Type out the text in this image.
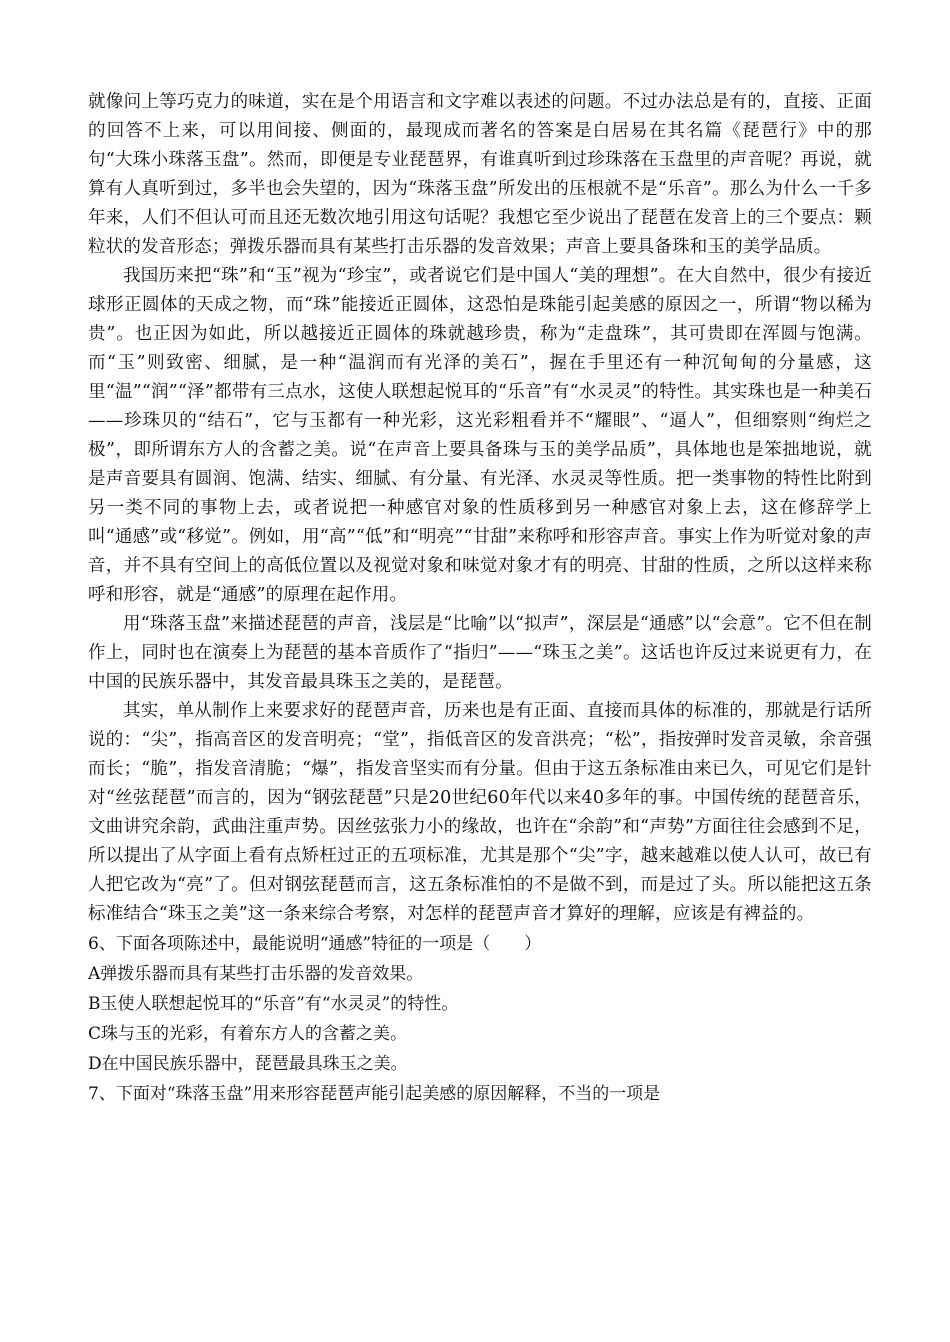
就像问上等巧克力的味道，实在是个用语言和文字难以表述的问题。不过办法总是有的，直接、正面的回答不上来，可以用间接、侧面的，最现成而著名的答案是白居易在其名篇《琵琶行》中的那句“大珠小珠落玉盘”。然而，即便是专业琵琶界，有谁真听到过珍珠落在玉盘里的声音呢？再说，就算有人真听到过，多半也会失望的，因为“珠落玉盘”所发出的压根就不是“乐音”。那么为什么一千多年来，人们不但认可而且还无数次地引用这句话呢？我想它至少说出了琵琶在发音上的三个要点：颗粒状的发音形态；弹拨乐器而具有某些打击乐器的发音效果；声音上要具备珠和玉的美学品质。

我国历来把“珠”和“玉”视为“珍宝”，或者说它们是中国人“美的理想”。在大自然中，很少有接近球形正圆体的天成之物，而“珠”能接近正圆体，这恐怕是珠能引起美感的原因之一，所谓“物以稀为贵”。也正因为如此，所以越接近正圆体的珠就越珍贵，称为“走盘珠”，其可贵即在浑圆与饱满。而“玉”则致密、细腻，是一种“温润而有光泽的美石”，握在手里还有一种沉甸甸的分量感，这里“温”“润”“泽”都带有三点水，这使人联想起悦耳的“乐音”有“水灵灵”的特性。其实珠也是一种美石——珍珠贝的“结石”，它与玉都有一种光彩，这光彩粗看并不“耀眼”、“逼人”，但细察则“绚烂之极”，即所谓东方人的含蓄之美。说“在声音上要具备珠与玉的美学品质”，具体地也是笨拙地说，就是声音要具有圆润、饱满、结实、细腻、有分量、有光泽、水灵灵等性质。把一类事物的特性比附到另一类不同的事物上去，或者说把一种感官对象的性质移到另一种感官对象上去，这在修辞学上叫“通感”或“移觉”。例如，用“高”“低”和“明亮”“甘甜”来称呼和形容声音。事实上作为听觉对象的声音，并不具有空间上的高低位置以及视觉对象和味觉对象才有的明亮、甘甜的性质，之所以这样来称呼和形容，就是“通感”的原理在起作用。

用“珠落玉盘”来描述琵琶的声音，浅层是“比喻”以“拟声”，深层是“通感”以“会意”。它不但在制作上，同时也在演奏上为琵琶的基本音质作了“指归”——“珠玉之美”。这话也许反过来说更有力，在中国的民族乐器中，其发音最具珠玉之美的，是琵琶。

其实，单从制作上来要求好的琵琶声音，历来也是有正面、直接而具体的标准的，那就是行话所说的：“尖”，指高音区的发音明亮；“堂”，指低音区的发音洪亮；“松”，指按弹时发音灵敏，余音强而长；“脆”，指发音清脆；“爆”，指发音坚实而有分量。但由于这五条标准由来已久，可见它们是针对“丝弦琵琶”而言的，因为“钢弦琵琶”只是20世纪60年代以来40多年的事。中国传统的琵琶音乐，文曲讲究余韵，武曲注重声势。因丝弦张力小的缘故，也许在“余韵”和“声势”方面往往会感到不足，所以提出了从字面上看有点矫枉过正的五项标准，尤其是那个“尖”字，越来越难以使人认可，故已有人把它改为“亮”了。但对钢弦琵琶而言，这五条标准怕的不是做不到，而是过了头。所以能把这五条标准结合“珠玉之美”这一条来综合考察，对怎样的琵琶声音才算好的理解，应该是有裨益的。

6、下面各项陈述中，最能说明“通感”特征的一项是（　　）

A弹拨乐器而具有某些打击乐器的发音效果。

B玉使人联想起悦耳的“乐音”有“水灵灵”的特性。

C珠与玉的光彩，有着东方人的含蓄之美。

D在中国民族乐器中，琵琶最具珠玉之美。

7、下面对“珠落玉盘”用来形容琵琶声能引起美感的原因解释，不当的一项是
